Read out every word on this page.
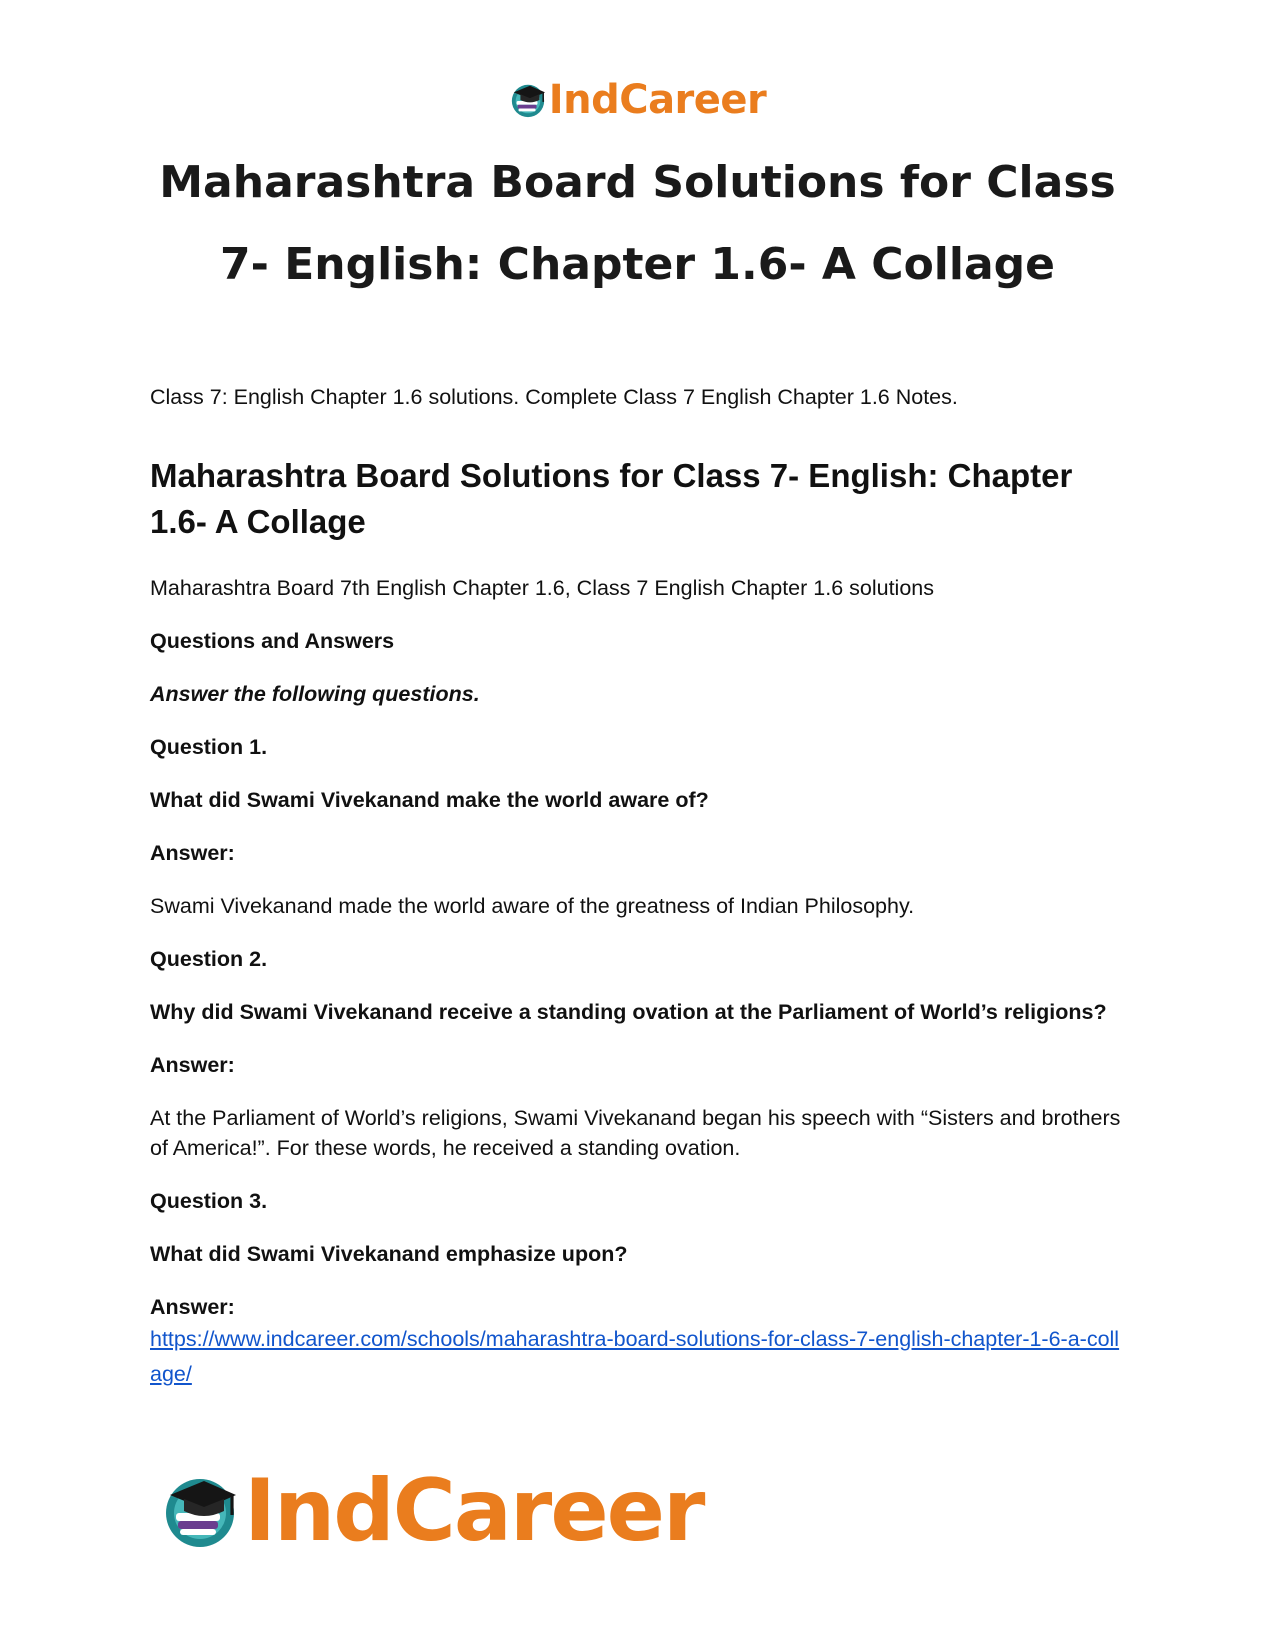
IndCareer
Maharashtra Board Solutions for Class 7- English: Chapter 1.6- A Collage

Class 7: English Chapter 1.6 solutions. Complete Class 7 English Chapter 1.6 Notes.

Maharashtra Board Solutions for Class 7- English: Chapter 1.6- A Collage

Maharashtra Board 7th English Chapter 1.6, Class 7 English Chapter 1.6 solutions

Questions and Answers

Answer the following questions.

Question 1.

What did Swami Vivekanand make the world aware of?

Answer:

Swami Vivekanand made the world aware of the greatness of Indian Philosophy.

Question 2.

Why did Swami Vivekanand receive a standing ovation at the Parliament of World’s religions?

Answer:

At the Parliament of World’s religions, Swami Vivekanand began his speech with “Sisters and brothers of America!”. For these words, he received a standing ovation.

Question 3.

What did Swami Vivekanand emphasize upon?

Answer:

https://www.indcareer.com/schools/maharashtra-board-solutions-for-class-7-english-chapter-1-6-a-collage/
IndCareer
